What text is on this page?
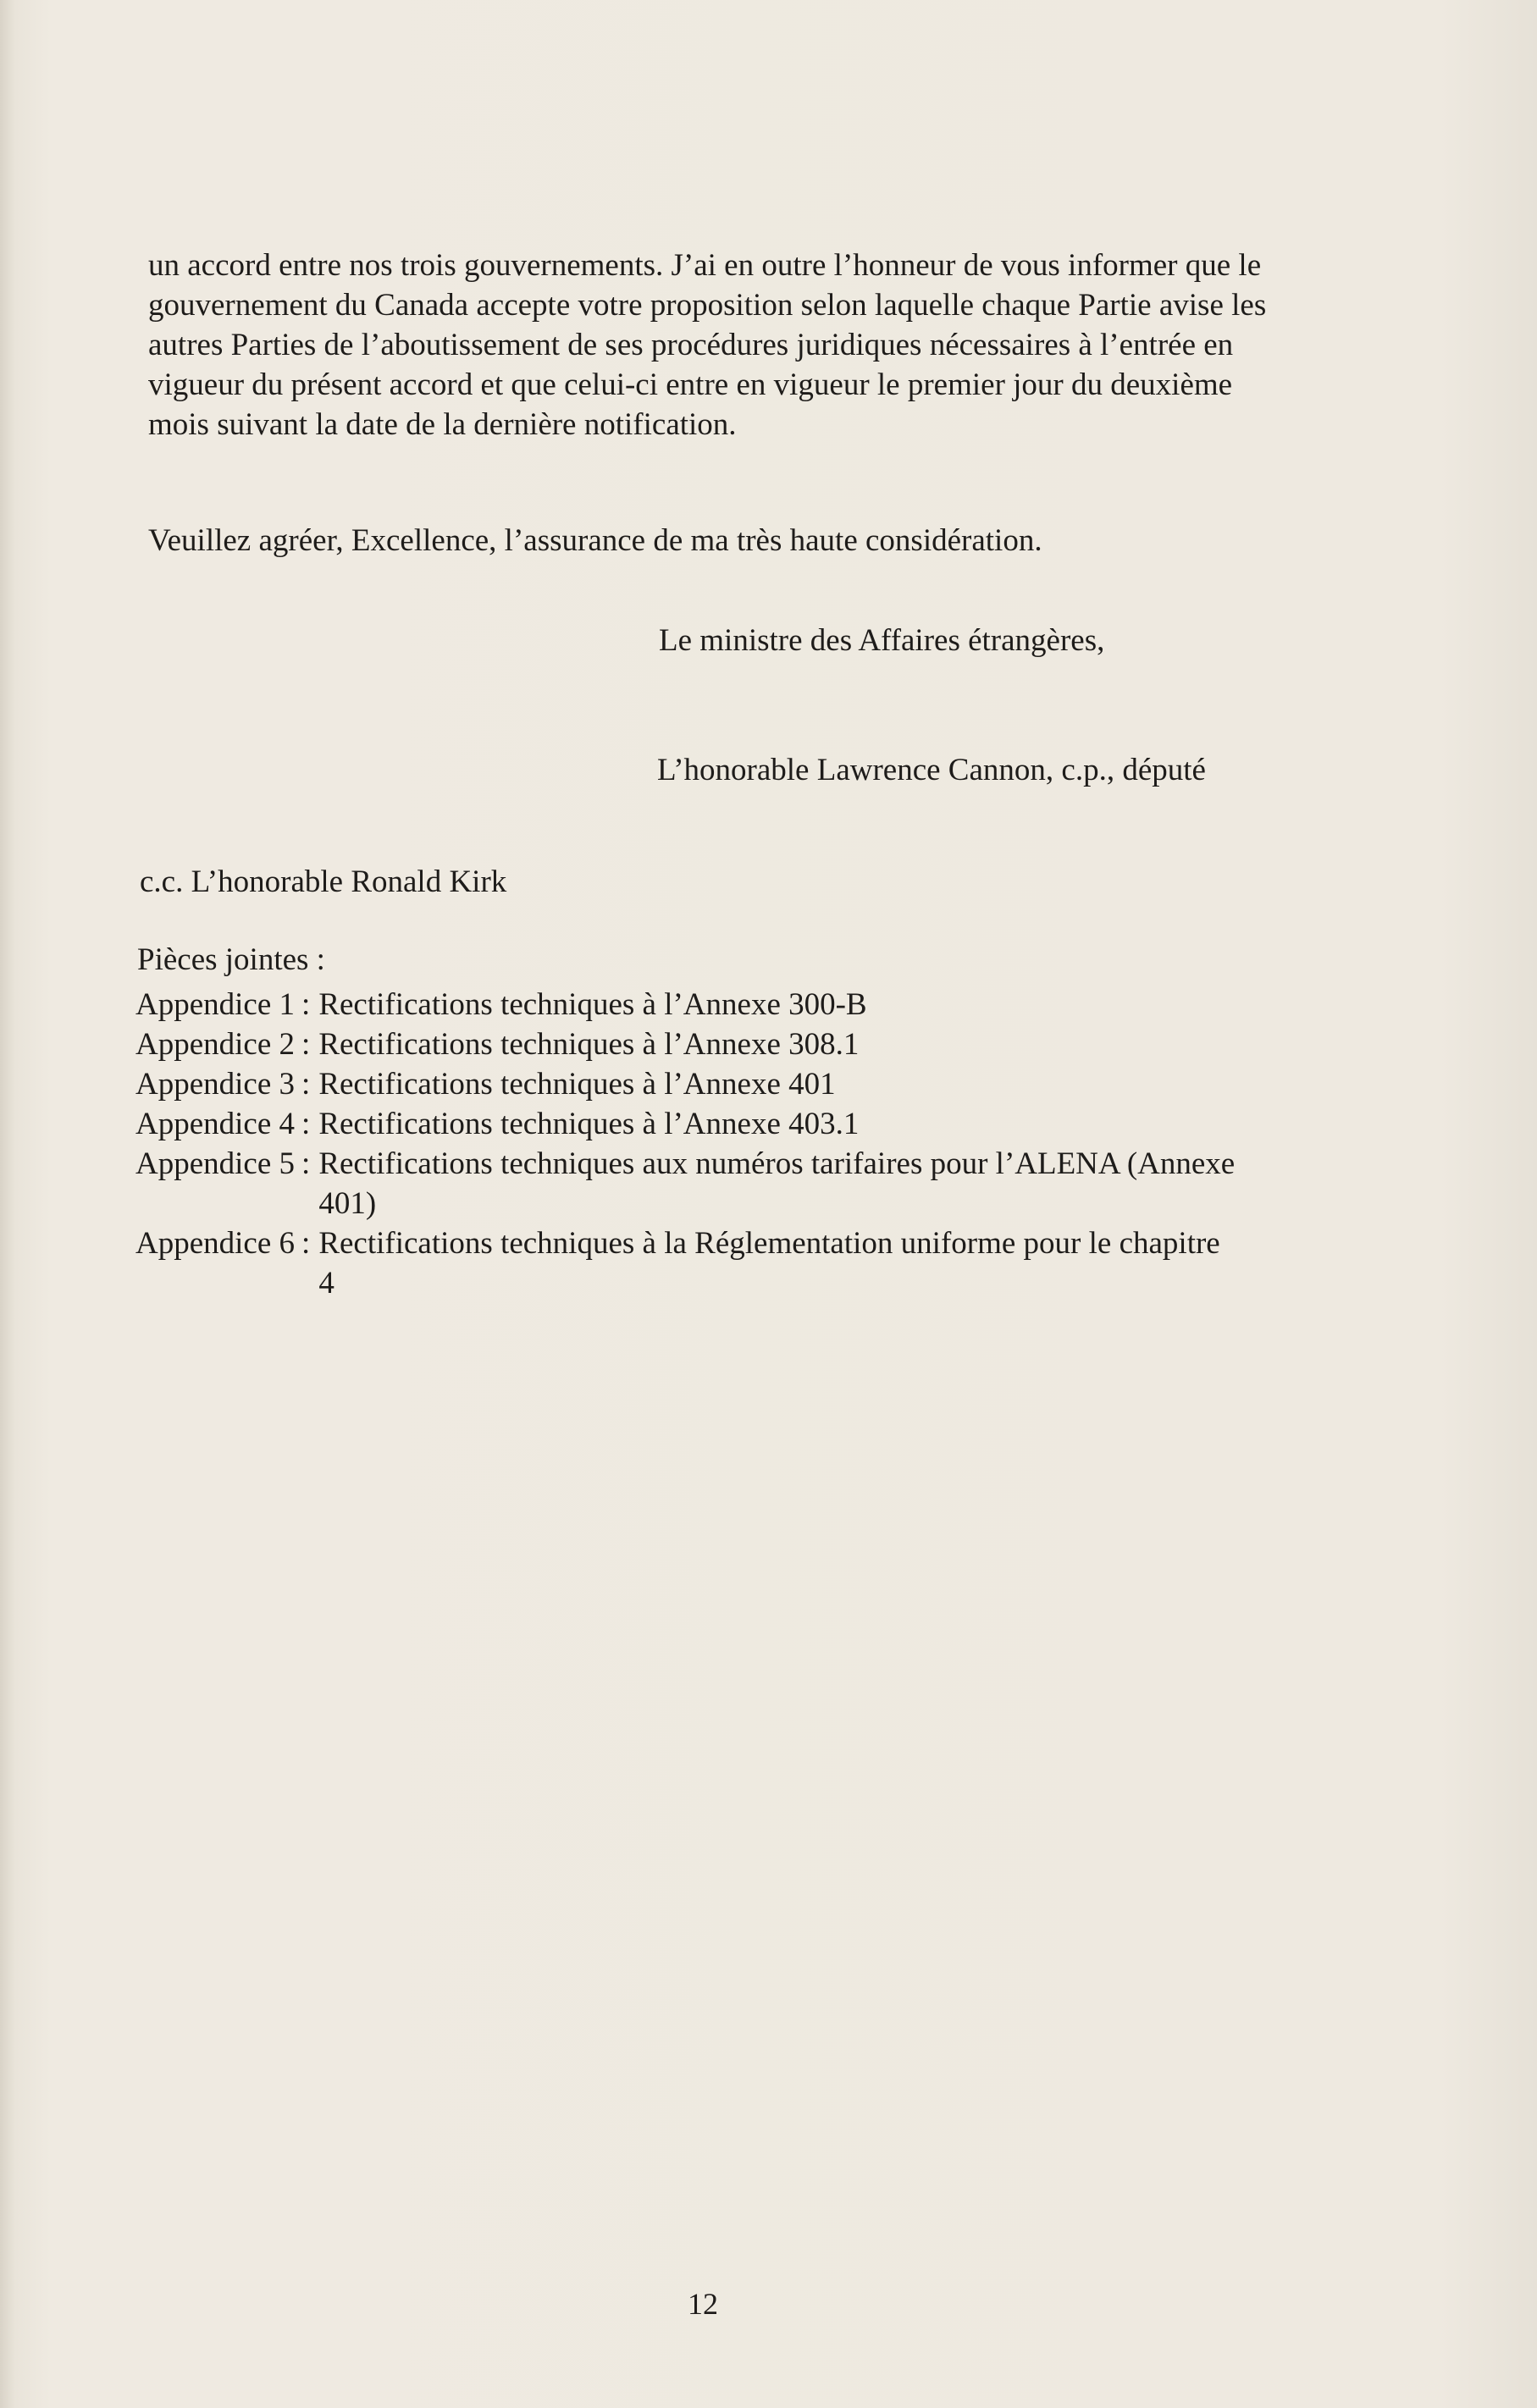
un accord entre nos trois gouvernements. J’ai en outre l’honneur de vous informer que le gouvernement du Canada accepte votre proposition selon laquelle chaque Partie avise les autres Parties de l’aboutissement de ses procédures juridiques nécessaires à l’entrée en vigueur du présent accord et que celui-ci entre en vigueur le premier jour du deuxième mois suivant la date de la dernière notification.

Veuillez agréer, Excellence, l’assurance de ma très haute considération.

Le ministre des Affaires étrangères,

L’honorable Lawrence Cannon, c.p., député

c.c. L’honorable Ronald Kirk

Pièces jointes :

Appendice 1 : Rectifications techniques à l’Annexe 300-B
Appendice 2 : Rectifications techniques à l’Annexe 308.1
Appendice 3 : Rectifications techniques à l’Annexe 401
Appendice 4 : Rectifications techniques à l’Annexe 403.1
Appendice 5 : Rectifications techniques aux numéros tarifaires pour l’ALENA (Annexe 401)
Appendice 6 : Rectifications techniques à la Réglementation uniforme pour le chapitre 4

12
